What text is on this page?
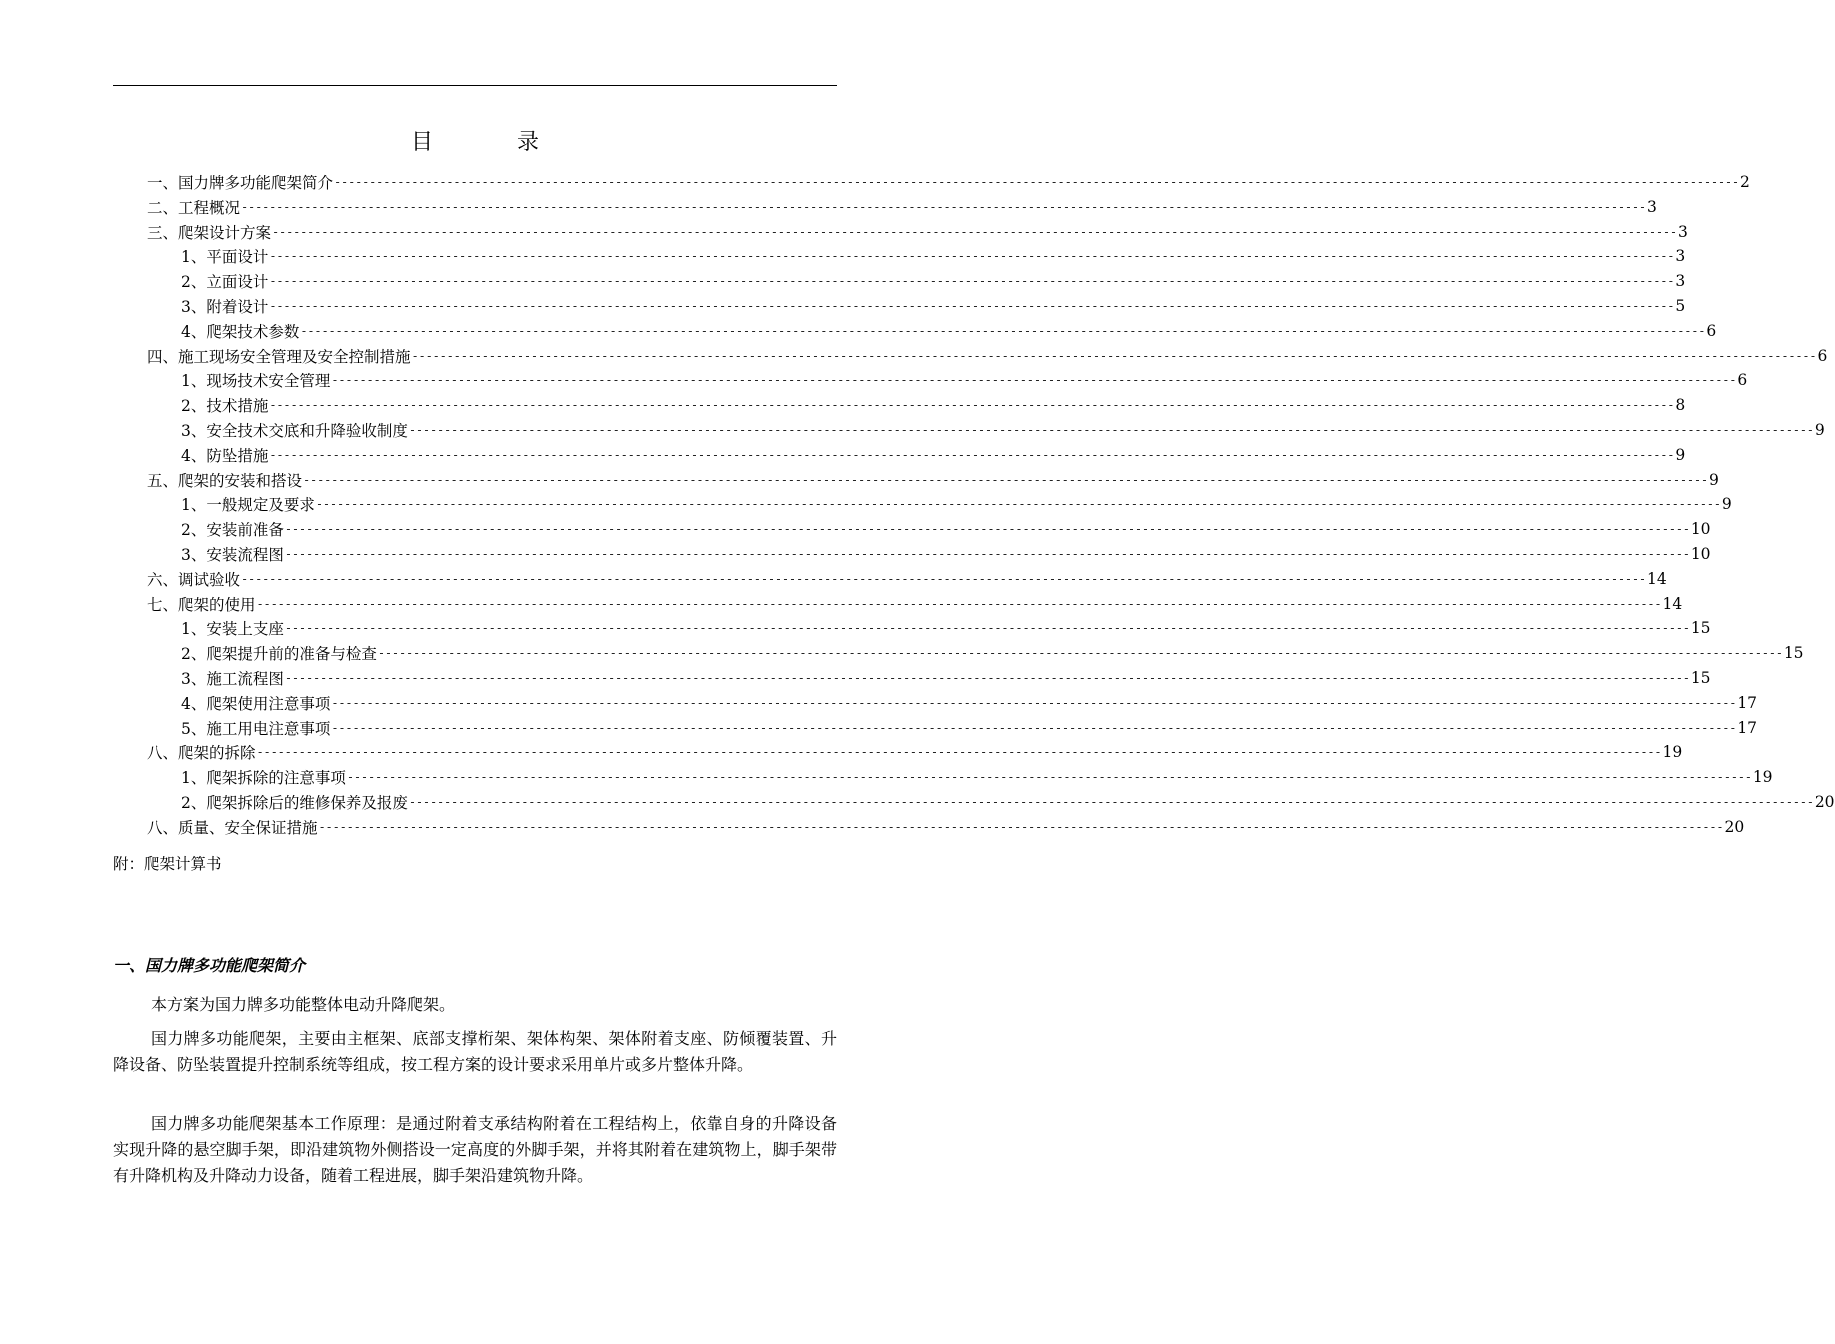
目	录
一、国力牌多功能爬架简介 -------------------------------------------------------------------------------------------------------------------------------------------------------------------------------------------------------- 2
二、工程概况 -------------------------------------------------------------------------------------------------------------------------------------------------------------------------------------------------------- 3
三、爬架设计方案 -------------------------------------------------------------------------------------------------------------------------------------------------------------------------------------------------------- 3
1、平面设计 -------------------------------------------------------------------------------------------------------------------------------------------------------------------------------------------------------- 3
2、立面设计 -------------------------------------------------------------------------------------------------------------------------------------------------------------------------------------------------------- 3
3、附着设计 -------------------------------------------------------------------------------------------------------------------------------------------------------------------------------------------------------- 5
4、爬架技术参数 -------------------------------------------------------------------------------------------------------------------------------------------------------------------------------------------------------- 6
四、施工现场安全管理及安全控制措施 -------------------------------------------------------------------------------------------------------------------------------------------------------------------------------------------------------- 6
1、现场技术安全管理 -------------------------------------------------------------------------------------------------------------------------------------------------------------------------------------------------------- 6
2、技术措施 -------------------------------------------------------------------------------------------------------------------------------------------------------------------------------------------------------- 8
3、安全技术交底和升降验收制度 -------------------------------------------------------------------------------------------------------------------------------------------------------------------------------------------------------- 9
4、防坠措施 -------------------------------------------------------------------------------------------------------------------------------------------------------------------------------------------------------- 9
五、爬架的安装和搭设 -------------------------------------------------------------------------------------------------------------------------------------------------------------------------------------------------------- 9
1、一般规定及要求 -------------------------------------------------------------------------------------------------------------------------------------------------------------------------------------------------------- 9
2、安装前准备 -------------------------------------------------------------------------------------------------------------------------------------------------------------------------------------------------------- 10
3、安装流程图 -------------------------------------------------------------------------------------------------------------------------------------------------------------------------------------------------------- 10
六、调试验收 -------------------------------------------------------------------------------------------------------------------------------------------------------------------------------------------------------- 14
七、爬架的使用 -------------------------------------------------------------------------------------------------------------------------------------------------------------------------------------------------------- 14
1、安装上支座 -------------------------------------------------------------------------------------------------------------------------------------------------------------------------------------------------------- 15
2、爬架提升前的准备与检查 -------------------------------------------------------------------------------------------------------------------------------------------------------------------------------------------------------- 15
3、施工流程图 -------------------------------------------------------------------------------------------------------------------------------------------------------------------------------------------------------- 15
4、爬架使用注意事项 -------------------------------------------------------------------------------------------------------------------------------------------------------------------------------------------------------- 17
5、施工用电注意事项 -------------------------------------------------------------------------------------------------------------------------------------------------------------------------------------------------------- 17
八、爬架的拆除 -------------------------------------------------------------------------------------------------------------------------------------------------------------------------------------------------------- 19
1、爬架拆除的注意事项 -------------------------------------------------------------------------------------------------------------------------------------------------------------------------------------------------------- 19
2、爬架拆除后的维修保养及报废 -------------------------------------------------------------------------------------------------------------------------------------------------------------------------------------------------------- 20
八、质量、安全保证措施 -------------------------------------------------------------------------------------------------------------------------------------------------------------------------------------------------------- 20
附：爬架计算书
一、国力牌多功能爬架简介

本方案为国力牌多功能整体电动升降爬架。

国力牌多功能爬架，主要由主框架、底部支撑桁架、架体构架、架体附着支座、防倾覆装置、升降设备、防坠装置提升控制系统等组成，按工程方案的设计要求采用单片或多片整体升降。

国力牌多功能爬架基本工作原理：是通过附着支承结构附着在工程结构上，依靠自身的升降设备实现升降的悬空脚手架，即沿建筑物外侧搭设一定高度的外脚手架，并将其附着在建筑物上，脚手架带有升降机构及升降动力设备，随着工程进展，脚手架沿建筑物升降。
